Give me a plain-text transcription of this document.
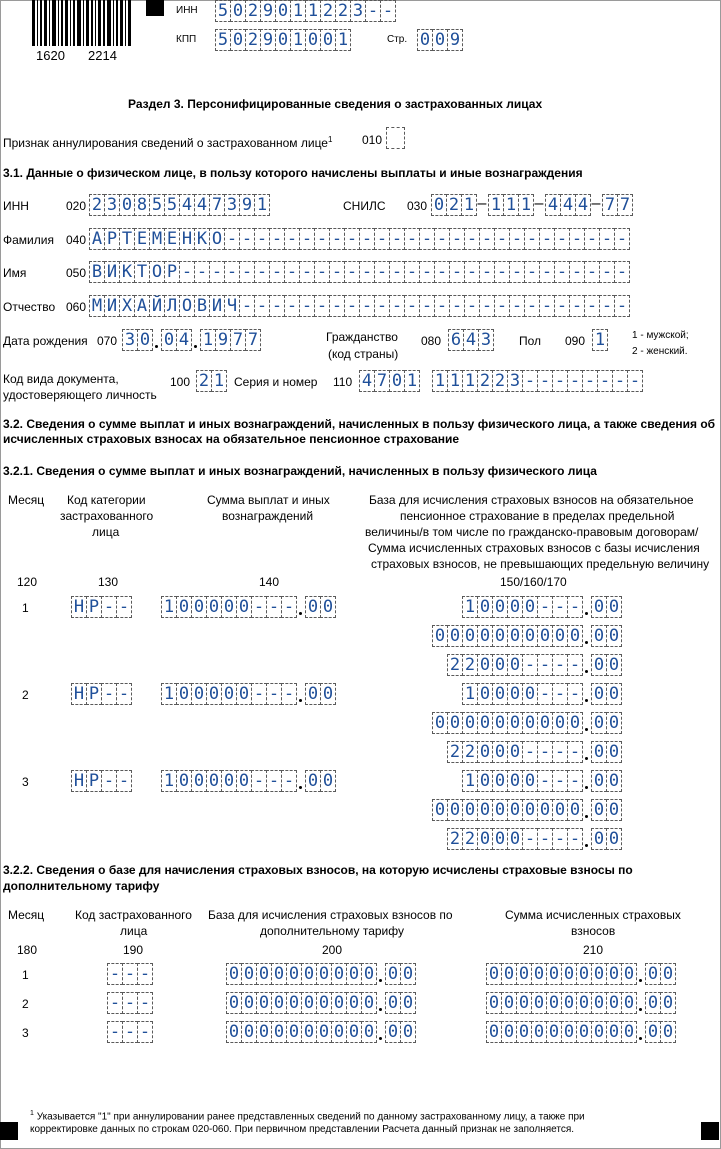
1620 2214
ИНН 5 0 2 9 0 1 1 2 2 3 - -
КПП 5 0 2 9 0 1 0 0 1	Стр. 0 0 9
Раздел 3. Персонифицированные сведения о застрахованных лицах
Признак аннулирования сведений о застрахованном лице$^1$ 010
3.1. Данные о физическом лице, в пользу которого начислены выплаты и иные вознаграждения
ИНН	020 2 3 0 8 5 5 4 4 7 3 9 1	СНИЛС 030 0 2 1 – 1 1 1 – 4 4 4 – 7 7
Фамилия 040 А Р Т Е М Е Н К О - - - - - - - - - - - - - - - - - - - - - - - - - - -
Имя	050 В И К Т О Р - - - - - - - - - - - - - - - - - - - - - - - - - - - - - -
Отчество 060 М И Х А Й Л О В И Ч - - - - - - - - - - - - - - - - - - - - - - - - - -
Дата рождения 070 3 0 0 4 1 9 7 7	Гражданство
(код страны)
080 6 4 3 Пол 090 1	1 - мужской;
2 - женский.
Код вида документа,
удостоверяющего личность
100 2 1 Серия и номер 110 4 7 0 1 1 1 1 2 2 3 - - - - - - - -
3.2. Сведения о сумме выплат и иных вознаграждений, начисленных в пользу физического лица, а также сведения об
исчисленных страховых взносах на обязательное пенсионное страхование
3.2.1. Сведения о сумме выплат и иных вознаграждений, начисленных в пользу физического лица
Месяц Код категории
застрахованного
лица
Сумма выплат и иных
вознаграждений
База для исчисления страховых взносов на обязательное
пенсионное страхование в пределах предельной
величины/в том числе по гражданско-правовым договорам/
Сумма исчисленных страховых взносов с базы исчисления
страховых взносов, не превышающих предельную величину
120	130	140	150/160/170
1	Н Р - - 1 0 0 0 0 0 - - - 0 0	1 0 0 0 0 - - - 0 0
0 0 0 0 0 0 0 0 0 0 0 0
2 2 0 0 0 - - - - 0 0
2	Н Р - - 1 0 0 0 0 0 - - - 0 0	1 0 0 0 0 - - - 0 0
0 0 0 0 0 0 0 0 0 0 0 0
2 2 0 0 0 - - - - 0 0
3	Н Р - - 1 0 0 0 0 0 - - - 0 0	1 0 0 0 0 - - - 0 0
0 0 0 0 0 0 0 0 0 0 0 0
2 2 0 0 0 - - - - 0 0
3.2.2. Сведения о базе для начисления страховых взносов, на которую исчислены страховые взносы по
дополнительному тарифу
Месяц	Код застрахованного
лица
База для исчисления страховых взносов по
дополнительному тарифу
Сумма исчисленных страховых
взносов
180	190	200	210
1	- - -	0 0 0 0 0 0 0 0 0 0 0 0	0 0 0 0 0 0 0 0 0 0 0 0
2	- - -	0 0 0 0 0 0 0 0 0 0 0 0	0 0 0 0 0 0 0 0 0 0 0 0
3	- - -	0 0 0 0 0 0 0 0 0 0 0 0	0 0 0 0 0 0 0 0 0 0 0 0
$^1$ Указывается "1" при аннулировании ранее представленных сведений по данному застрахованному лицу, а также при
корректировке данных по строкам 020-060. При первичном представлении Расчета данный признак не заполняется.
